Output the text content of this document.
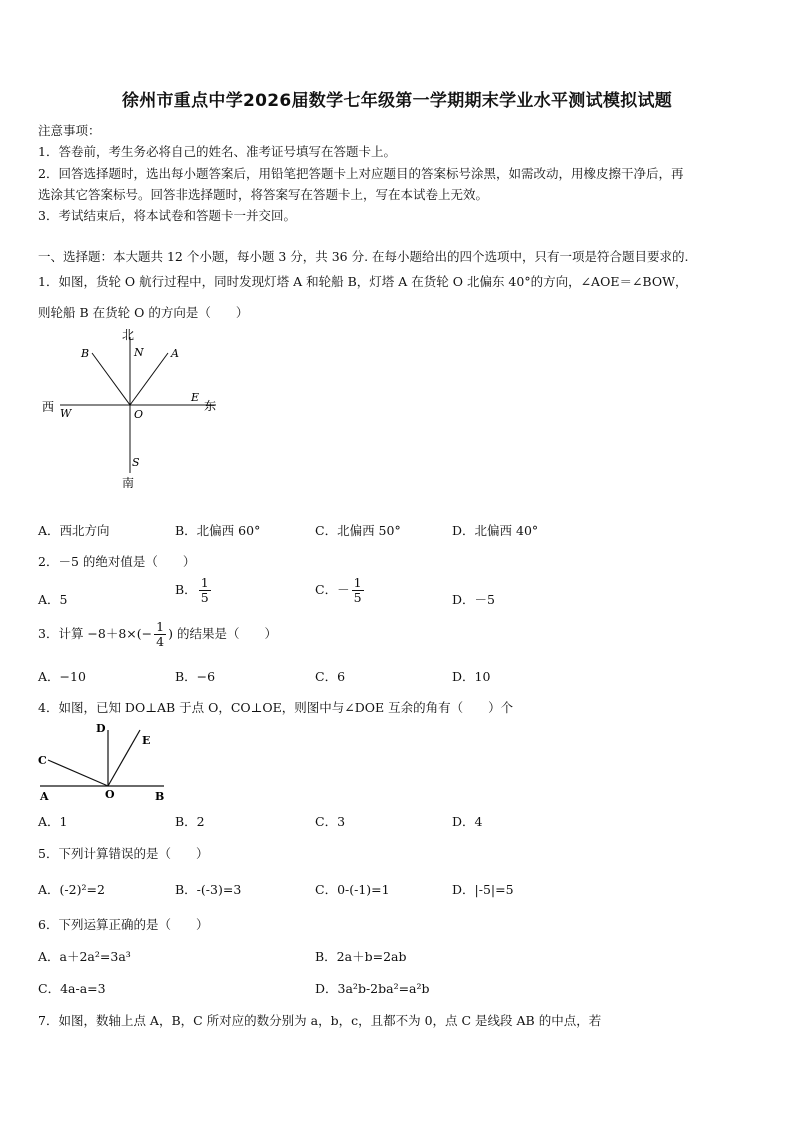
徐州市重点中学2026届数学七年级第一学期期末学业水平测试模拟试题
注意事项：
1．答卷前，考生务必将自己的姓名、准考证号填写在答题卡上。
2．回答选择题时，选出每小题答案后，用铅笔把答题卡上对应题目的答案标号涂黑，如需改动，用橡皮擦干净后，再
选涂其它答案标号。回答非选择题时，将答案写在答题卡上，写在本试卷上无效。
3．考试结束后，将本试卷和答题卡一并交回。
一、选择题：本大题共 12 个小题，每小题 3 分，共 36 分. 在每小题给出的四个选项中，只有一项是符合题目要求的.
1．如图，货轮 O 航行过程中，同时发现灯塔 A 和轮船 B，灯塔 A 在货轮 O 北偏东 40°的方向，∠AOE＝∠BOW，
则轮船 B 在货轮 O 的方向是（　　）
北
N
B	A
西 W	O
E
东
S
南
A．西北方向	B．北偏西 60°	C．北偏西 50°	D．北偏西 40°
2．－5 的绝对值是（　　）
A．5
B． $\frac{1}{5}$	C．－ $\frac{1}{5}$	D．－5
3．计算 $-8+8\times(- \frac{1}{4}$ ) 的结果是（　　）
A．−10	B．−6	C．6	D．10
4．如图，已知 DO⊥AB 于点 O，CO⊥OE，则图中与∠DOE 互余的角有（　　）个
D
E
C
A	O	B
A．1	B．2	C．3	D．4
5．下列计算错误的是（　　）
A．(-2)²=2	B．-(-3)=3	C．0-(-1)=1	D．|-5|=5
6．下列运算正确的是（　　）
A．a＋2a²=3a³	B．2a＋b=2ab
C．4a-a=3	D．3a²b-2ba²=a²b
7．如图，数轴上点 A，B，C 所对应的数分别为 a，b，c，且都不为 0，点 C 是线段 AB 的中点，若
